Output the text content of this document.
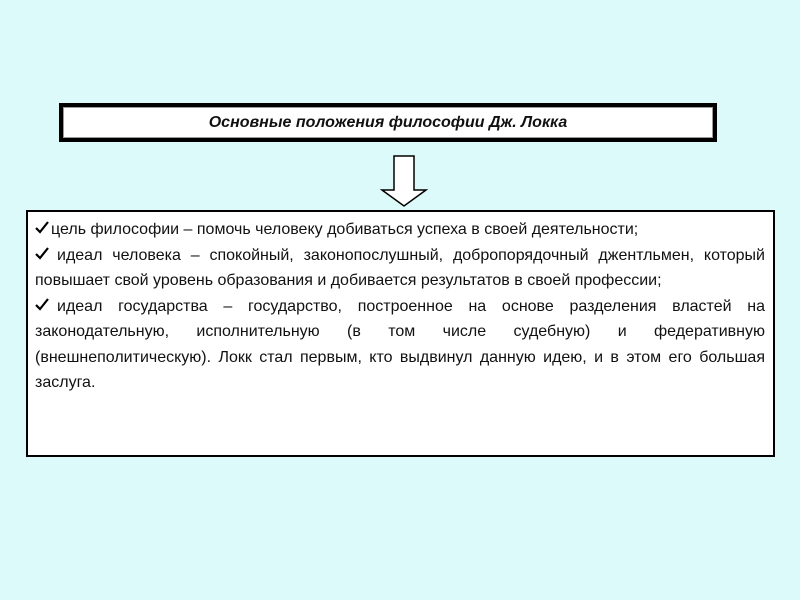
Основные положения философии Дж. Локка

цель философии – помочь человеку добиваться успеха в своей деятельности;

идеал человека – спокойный, законопослушный, добропорядочный джентльмен, который повышает свой уровень образования и добивается результатов в своей профессии;

идеал государства – государство, построенное на основе разделения властей на законодательную, исполнительную (в том числе судебную) и федеративную (внешнеполитическую). Локк стал первым, кто выдвинул данную идею, и в этом его большая заслуга.
